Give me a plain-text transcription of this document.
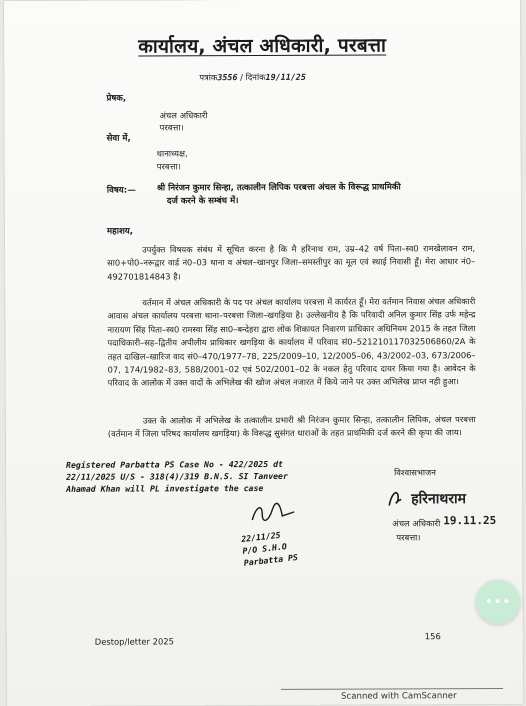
कार्यालय, अंचल अधिकारी, परबत्ता
पत्रांक3556 / दिनांक19/11/25
प्रेषक,
अंचल अधिकारी
परबत्ता।
सेवा में,
थानाध्यक्ष,
परबत्ता।
विषय:— श्री निरंजन कुमार सिन्हा, तत्कालीन लिपिक परबत्ता अंचल के विरूद्ध प्राथमिकी
दर्ज करने के सम्बंध में।
महाशय,

उपर्युक्त विषयक संबंध में सूचित करना है कि मै हरिनाथ राम, उम्र–42 वर्ष पिता–स्व0 रामखेलावन राम, सा0+पो0–नरूद्वार वार्ड नं0–03 थाना व अंचल–खानपुर जिला–समस्तीपुर का मूल एवं स्थाई निवासी हूँ। मेरा आधार नं0–492701814843 है।

वर्तमान में अंचल अधिकारी के पद पर अंचल कार्यालय परबत्ता में कार्यरत हूँ। मेरा वर्तमान निवास अंचल अधिकारी आवास अंचल कार्यालय परबत्ता थाना–परबत्ता जिला–खगड़िया है। उल्लेखनीय है कि परिवादी अनिल कुमार सिंह उर्फ महेन्द्र नारायण सिंह पिता–स्व0 रामस्वा सिंह सा0–बन्देहरा द्वारा लोक शिकायत निवारण प्राधिकार अधिनियम 2015 के तहत जिला पदाधिकारी–सह–द्वितीय अपीलीय प्राधिकार खगड़िया के कार्यालय में परिवाद सं0–521210117032506860/2A के तहत दाखिल–खारिज वाद सं0–470/1977–78, 225/2009–10, 12/2005–06, 43/2002–03, 673/2006–07, 174/1982–83, 588/2001–02 एवं 502/2001–02 के नकल हेतु परिवाद दायर किया गया है। आवेदन के परिवाद के आलोक में उक्त वादों के अभिलेख की खोज अंचल नजारत में किये जाने पर उक्त अभिलेख प्राप्त नही हुआ।

उक्त के आलोक में अभिलेख के तत्कालीन प्रभारी श्री निरंजन कुमार सिन्हा, तत्कालीन लिपिक, अंचल परबत्ता (वर्तमान में जिला परिषद कार्यालय खगड़िया) के विरूद्ध सुसंगत धाराओं के तहत प्राथमिकी दर्ज करने की कृपा की जाय।

Registered Parbatta PS Case No - 422/2025 dt
22/11/2025 U/S - 318(4)/319 B.N.S. SI Tanveer
Ahamad Khan will PL investigate the case
22/11/25
P/O S.H.O
Parbatta PS
विश्वासभाजन
हरिनाथराम
अंचल अधिकारी 19.11.25
परबत्ता।
Destop/letter 2025
156
Scanned with CamScanner
•••
